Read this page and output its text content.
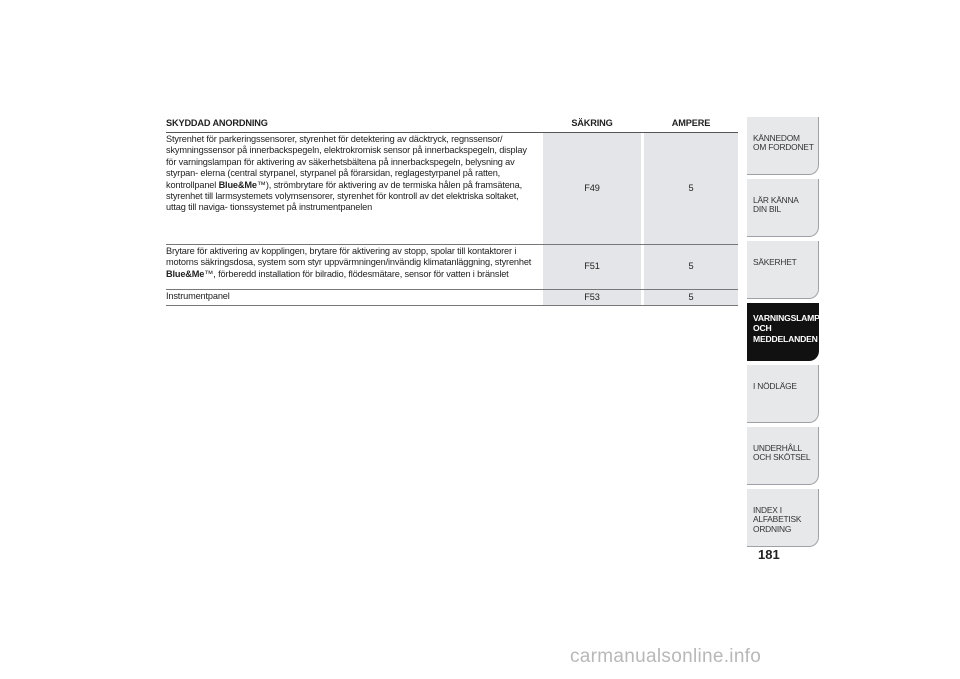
SKYDDAD ANORDNING	SÄKRING	AMPERE
Styrenhet för parkeringssensorer, styrenhet för detektering av däcktryck, regnssensor/ skymningssensor på innerbackspegeln, elektrokromisk sensor på innerbackspegeln, display för varningslampan för aktivering av säkerhetsbältena på innerbackspegeln, belysning av styrpan- elerna (central styrpanel, styrpanel på förarsidan, reglagestyrpanel på ratten, kontrollpanel Blue&Me™), strömbrytare för aktivering av de termiska hålen på framsätena, styrenhet till larmsystemets volymsensorer, styrenhet för kontroll av det elektriska soltaket, uttag till naviga- tionssystemet på instrumentpanelen
F49	5
Brytare för aktivering av kopplingen, brytare för aktivering av stopp, spolar till kontaktorer i motorns säkringsdosa, system som styr uppvärmningen/invändig klimatanläggning, styrenhet Blue&Me™, förberedd installation för bilradio, flödesmätare, sensor för vatten i bränslet
F51	5
Instrumentpanel	F53	5
KÄNNEDOM OM FORDONET
LÄR KÄNNA DIN BIL
SÄKERHET
VARNINGSLAMPOR OCH MEDDELANDEN
I NÖDLÄGE
UNDERHÅLL OCH SKÖTSEL
INDEX I ALFABETISK ORDNING
181
carmanualsonline.info
